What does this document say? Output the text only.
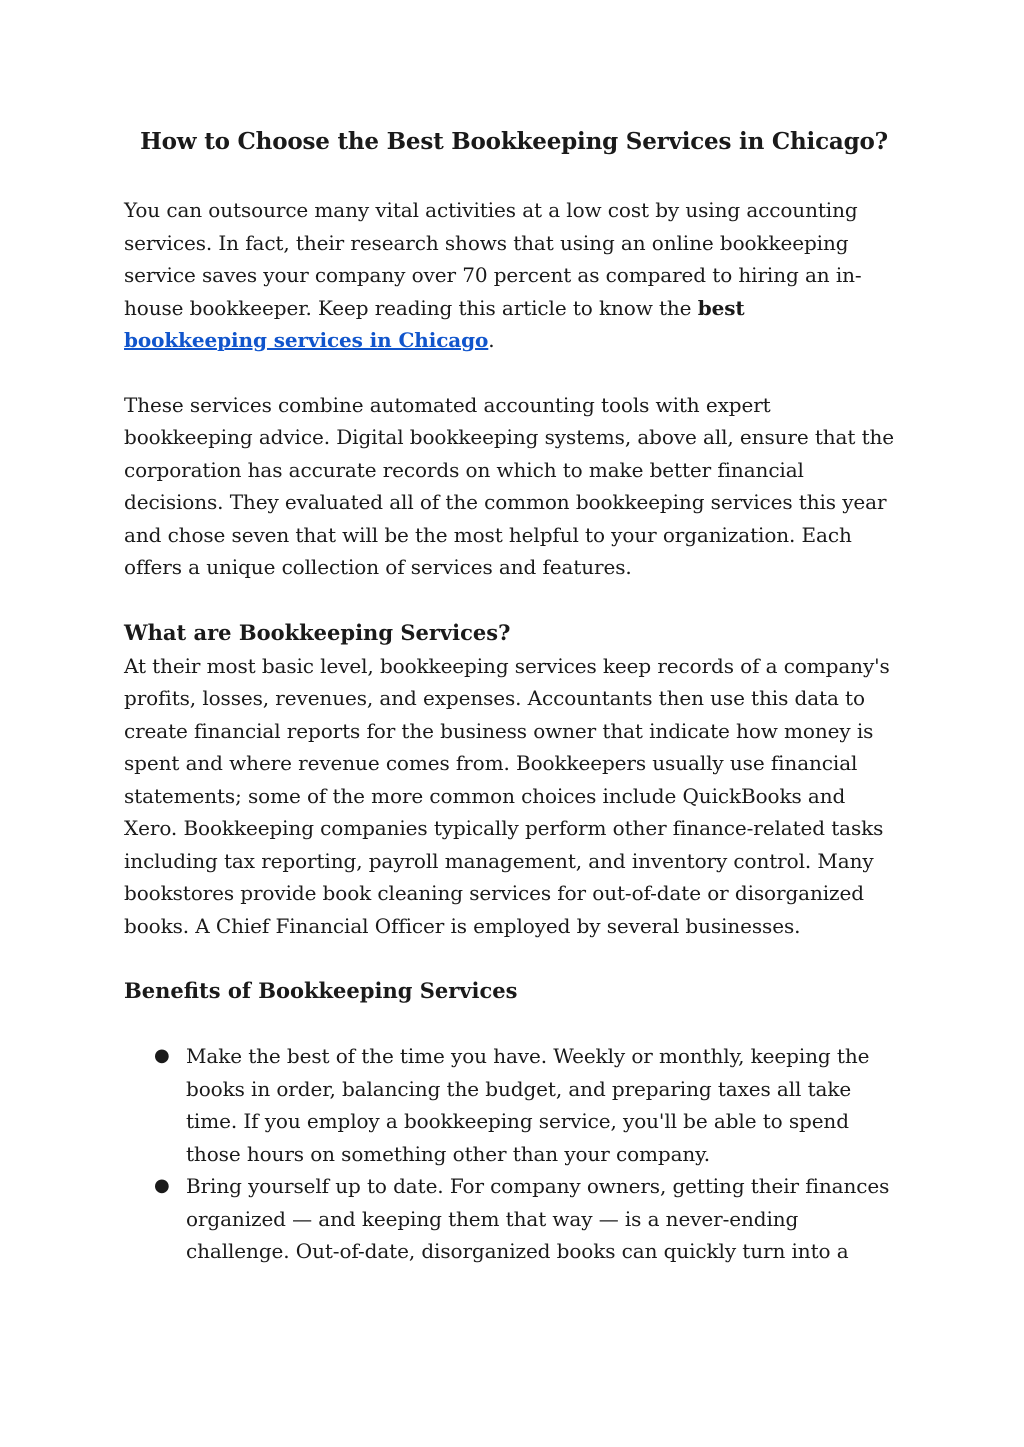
How to Choose the Best Bookkeeping Services in Chicago?

You can outsource many vital activities at a low cost by using accounting services. In fact, their research shows that using an online bookkeeping service saves your company over 70 percent as compared to hiring an in-house bookkeeper. Keep reading this article to know the best
bookkeeping services in Chicago.

These services combine automated accounting tools with expert bookkeeping advice. Digital bookkeeping systems, above all, ensure that the corporation has accurate records on which to make better financial decisions. They evaluated all of the common bookkeeping services this year and chose seven that will be the most helpful to your organization. Each offers a unique collection of services and features.

What are Bookkeeping Services?

At their most basic level, bookkeeping services keep records of a company's profits, losses, revenues, and expenses. Accountants then use this data to create financial reports for the business owner that indicate how money is spent and where revenue comes from. Bookkeepers usually use financial statements; some of the more common choices include QuickBooks and Xero. Bookkeeping companies typically perform other finance-related tasks including tax reporting, payroll management, and inventory control. Many bookstores provide book cleaning services for out-of-date or disorganized books. A Chief Financial Officer is employed by several businesses.

Benefits of Bookkeeping Services
● Make the best of the time you have. Weekly or monthly, keeping the books in order, balancing the budget, and preparing taxes all take time. If you employ a bookkeeping service, you'll be able to spend those hours on something other than your company.
● Bring yourself up to date. For company owners, getting their finances organized — and keeping them that way — is a never-ending challenge. Out-of-date, disorganized books can quickly turn into a
